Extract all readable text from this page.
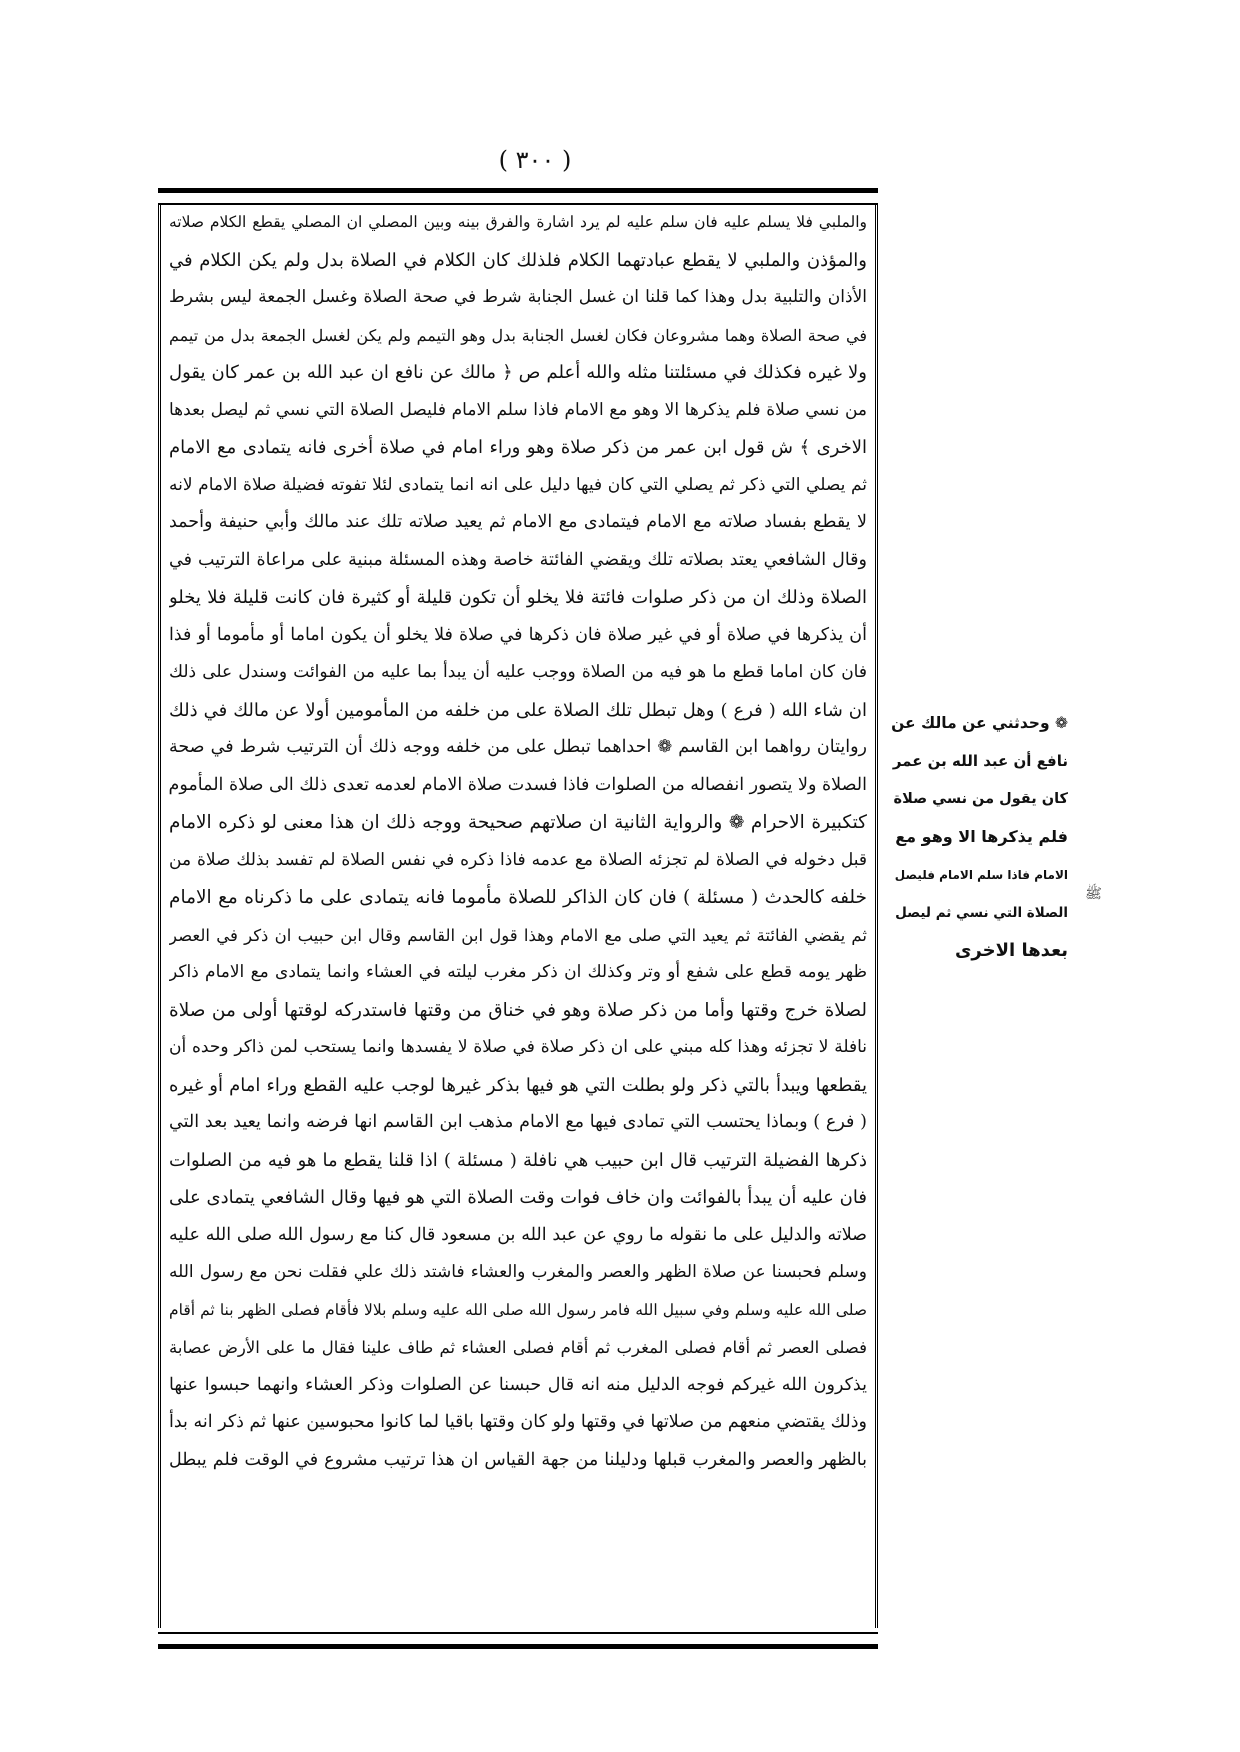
( ٣٠٠ )
والملبي فلا يسلم عليه فان سلم عليه لم يرد اشارة والفرق بينه وبين المصلي ان المصلي يقطع الكلام صلاته
والمؤذن والملبي لا يقطع عبادتهما الكلام فلذلك كان الكلام في الصلاة بدل ولم يكن الكلام في
الأذان والتلبية بدل وهذا كما قلنا ان غسل الجنابة شرط في صحة الصلاة وغسل الجمعة ليس بشرط
في صحة الصلاة وهما مشروعان فكان لغسل الجنابة بدل وهو التيمم ولم يكن لغسل الجمعة بدل من تيمم
ولا غيره فكذلك في مسئلتنا مثله والله أعلم ص ﴿ مالك عن نافع ان عبد الله بن عمر كان يقول
من نسي صلاة فلم يذكرها الا وهو مع الامام فاذا سلم الامام فليصل الصلاة التي نسي ثم ليصل بعدها
الاخرى ﴾ ش قول ابن عمر من ذكر صلاة وهو وراء امام في صلاة أخرى فانه يتمادى مع الامام
ثم يصلي التي ذكر ثم يصلي التي كان فيها دليل على انه انما يتمادى لئلا تفوته فضيلة صلاة الامام لانه
لا يقطع بفساد صلاته مع الامام فيتمادى مع الامام ثم يعيد صلاته تلك عند مالك وأبي حنيفة وأحمد
وقال الشافعي يعتد بصلاته تلك ويقضي الفائتة خاصة وهذه المسئلة مبنية على مراعاة الترتيب في
الصلاة وذلك ان من ذكر صلوات فائتة فلا يخلو أن تكون قليلة أو كثيرة فان كانت قليلة فلا يخلو
أن يذكرها في صلاة أو في غير صلاة فان ذكرها في صلاة فلا يخلو أن يكون اماما أو مأموما أو فذا
فان كان اماما قطع ما هو فيه من الصلاة ووجب عليه أن يبدأ بما عليه من الفوائت وسندل على ذلك
ان شاء الله ( فرع ) وهل تبطل تلك الصلاة على من خلفه من المأمومين أولا عن مالك في ذلك
روايتان رواهما ابن القاسم ❁ احداهما تبطل على من خلفه ووجه ذلك أن الترتيب شرط في صحة
الصلاة ولا يتصور انفصاله من الصلوات فاذا فسدت صلاة الامام لعدمه تعدى ذلك الى صلاة المأموم
كتكبيرة الاحرام ❁ والرواية الثانية ان صلاتهم صحيحة ووجه ذلك ان هذا معنى لو ذكره الامام
قبل دخوله في الصلاة لم تجزئه الصلاة مع عدمه فاذا ذكره في نفس الصلاة لم تفسد بذلك صلاة من
خلفه كالحدث ( مسئلة ) فان كان الذاكر للصلاة مأموما فانه يتمادى على ما ذكرناه مع الامام
ثم يقضي الفائتة ثم يعيد التي صلى مع الامام وهذا قول ابن القاسم وقال ابن حبيب ان ذكر في العصر
ظهر يومه قطع على شفع أو وتر وكذلك ان ذكر مغرب ليلته في العشاء وانما يتمادى مع الامام ذاكر
لصلاة خرج وقتها وأما من ذكر صلاة وهو في خناق من وقتها فاستدركه لوقتها أولى من صلاة
نافلة لا تجزئه وهذا كله مبني على ان ذكر صلاة في صلاة لا يفسدها وانما يستحب لمن ذاكر وحده أن
يقطعها ويبدأ بالتي ذكر ولو بطلت التي هو فيها بذكر غيرها لوجب عليه القطع وراء امام أو غيره
( فرع ) وبماذا يحتسب التي تمادى فيها مع الامام مذهب ابن القاسم انها فرضه وانما يعيد بعد التي
ذكرها الفضيلة الترتيب قال ابن حبيب هي نافلة ( مسئلة ) اذا قلنا يقطع ما هو فيه من الصلوات
فان عليه أن يبدأ بالفوائت وان خاف فوات وقت الصلاة التي هو فيها وقال الشافعي يتمادى على
صلاته والدليل على ما نقوله ما روي عن عبد الله بن مسعود قال كنا مع رسول الله صلى الله عليه
وسلم فحبسنا عن صلاة الظهر والعصر والمغرب والعشاء فاشتد ذلك علي فقلت نحن مع رسول الله
صلى الله عليه وسلم وفي سبيل الله فامر رسول الله صلى الله عليه وسلم بلالا فأقام فصلى الظهر بنا ثم أقام
فصلى العصر ثم أقام فصلى المغرب ثم أقام فصلى العشاء ثم طاف علينا فقال ما على الأرض عصابة
يذكرون الله غيركم فوجه الدليل منه انه قال حبسنا عن الصلوات وذكر العشاء وانهما حبسوا عنها
وذلك يقتضي منعهم من صلاتها في وقتها ولو كان وقتها باقيا لما كانوا محبوسين عنها ثم ذكر انه بدأ
بالظهر والعصر والمغرب قبلها ودليلنا من جهة القياس ان هذا ترتيب مشروع في الوقت فلم يبطل
❁ وحدثني عن مالك عن
نافع أن عبد الله بن عمر
كان يقول من نسي صلاة
فلم يذكرها الا وهو مع
الامام فاذا سلم الامام فليصل
الصلاة التي نسي ثم ليصل
بعدها الاخرى
ﷺ
